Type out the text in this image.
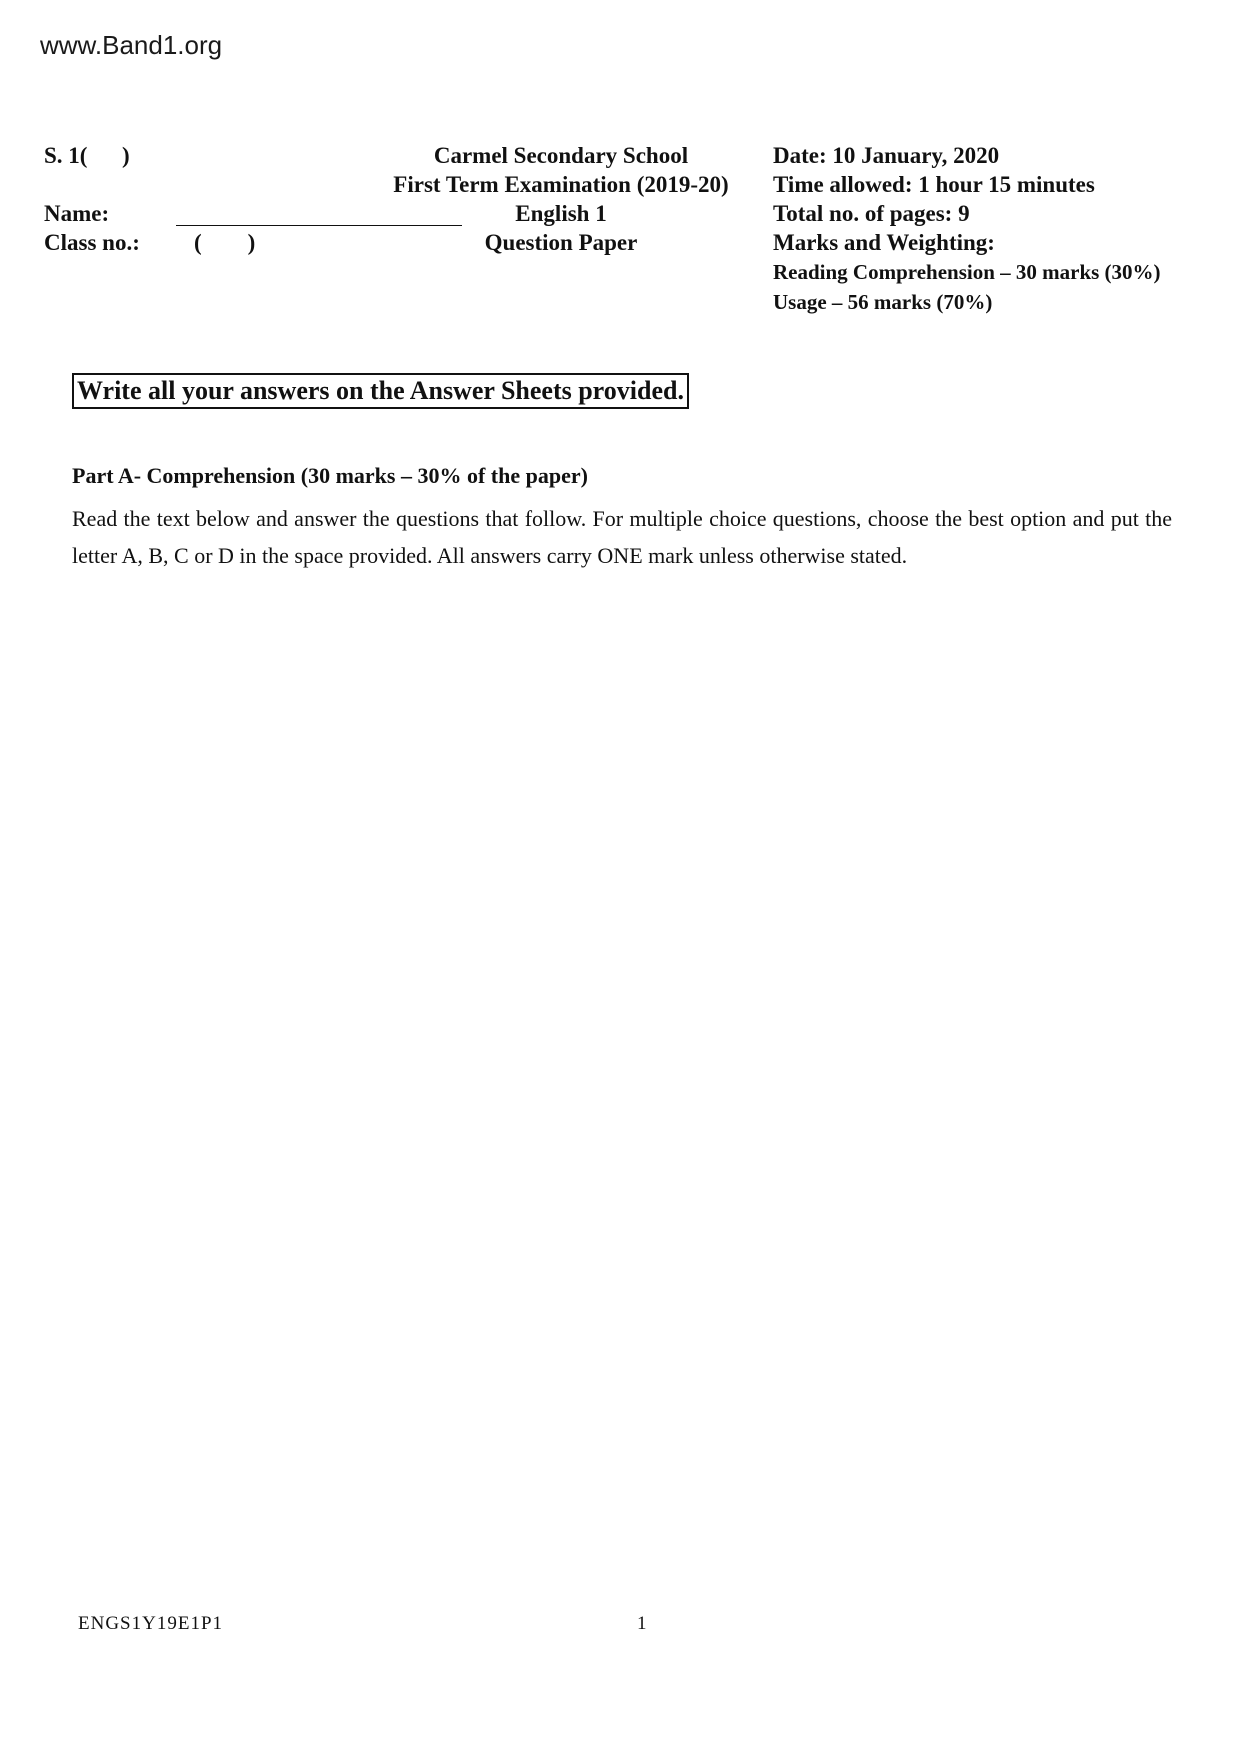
www.Band1.org
S. 1(      )
Name:
Class no.: (        )
Carmel Secondary School
First Term Examination (2019-20)
English 1
Question Paper
Date: 10 January, 2020
Time allowed: 1 hour 15 minutes
Total no. of pages: 9
Marks and Weighting:
Reading Comprehension – 30 marks (30%)
Usage – 56 marks (70%)
Write all your answers on the Answer Sheets provided.
Part A- Comprehension (30 marks – 30% of the paper)
Read the text below and answer the questions that follow. For multiple choice questions, choose the best option and put the letter A, B, C or D in the space provided. All answers carry ONE mark unless otherwise stated.
ENGS1Y19E1P1	1
